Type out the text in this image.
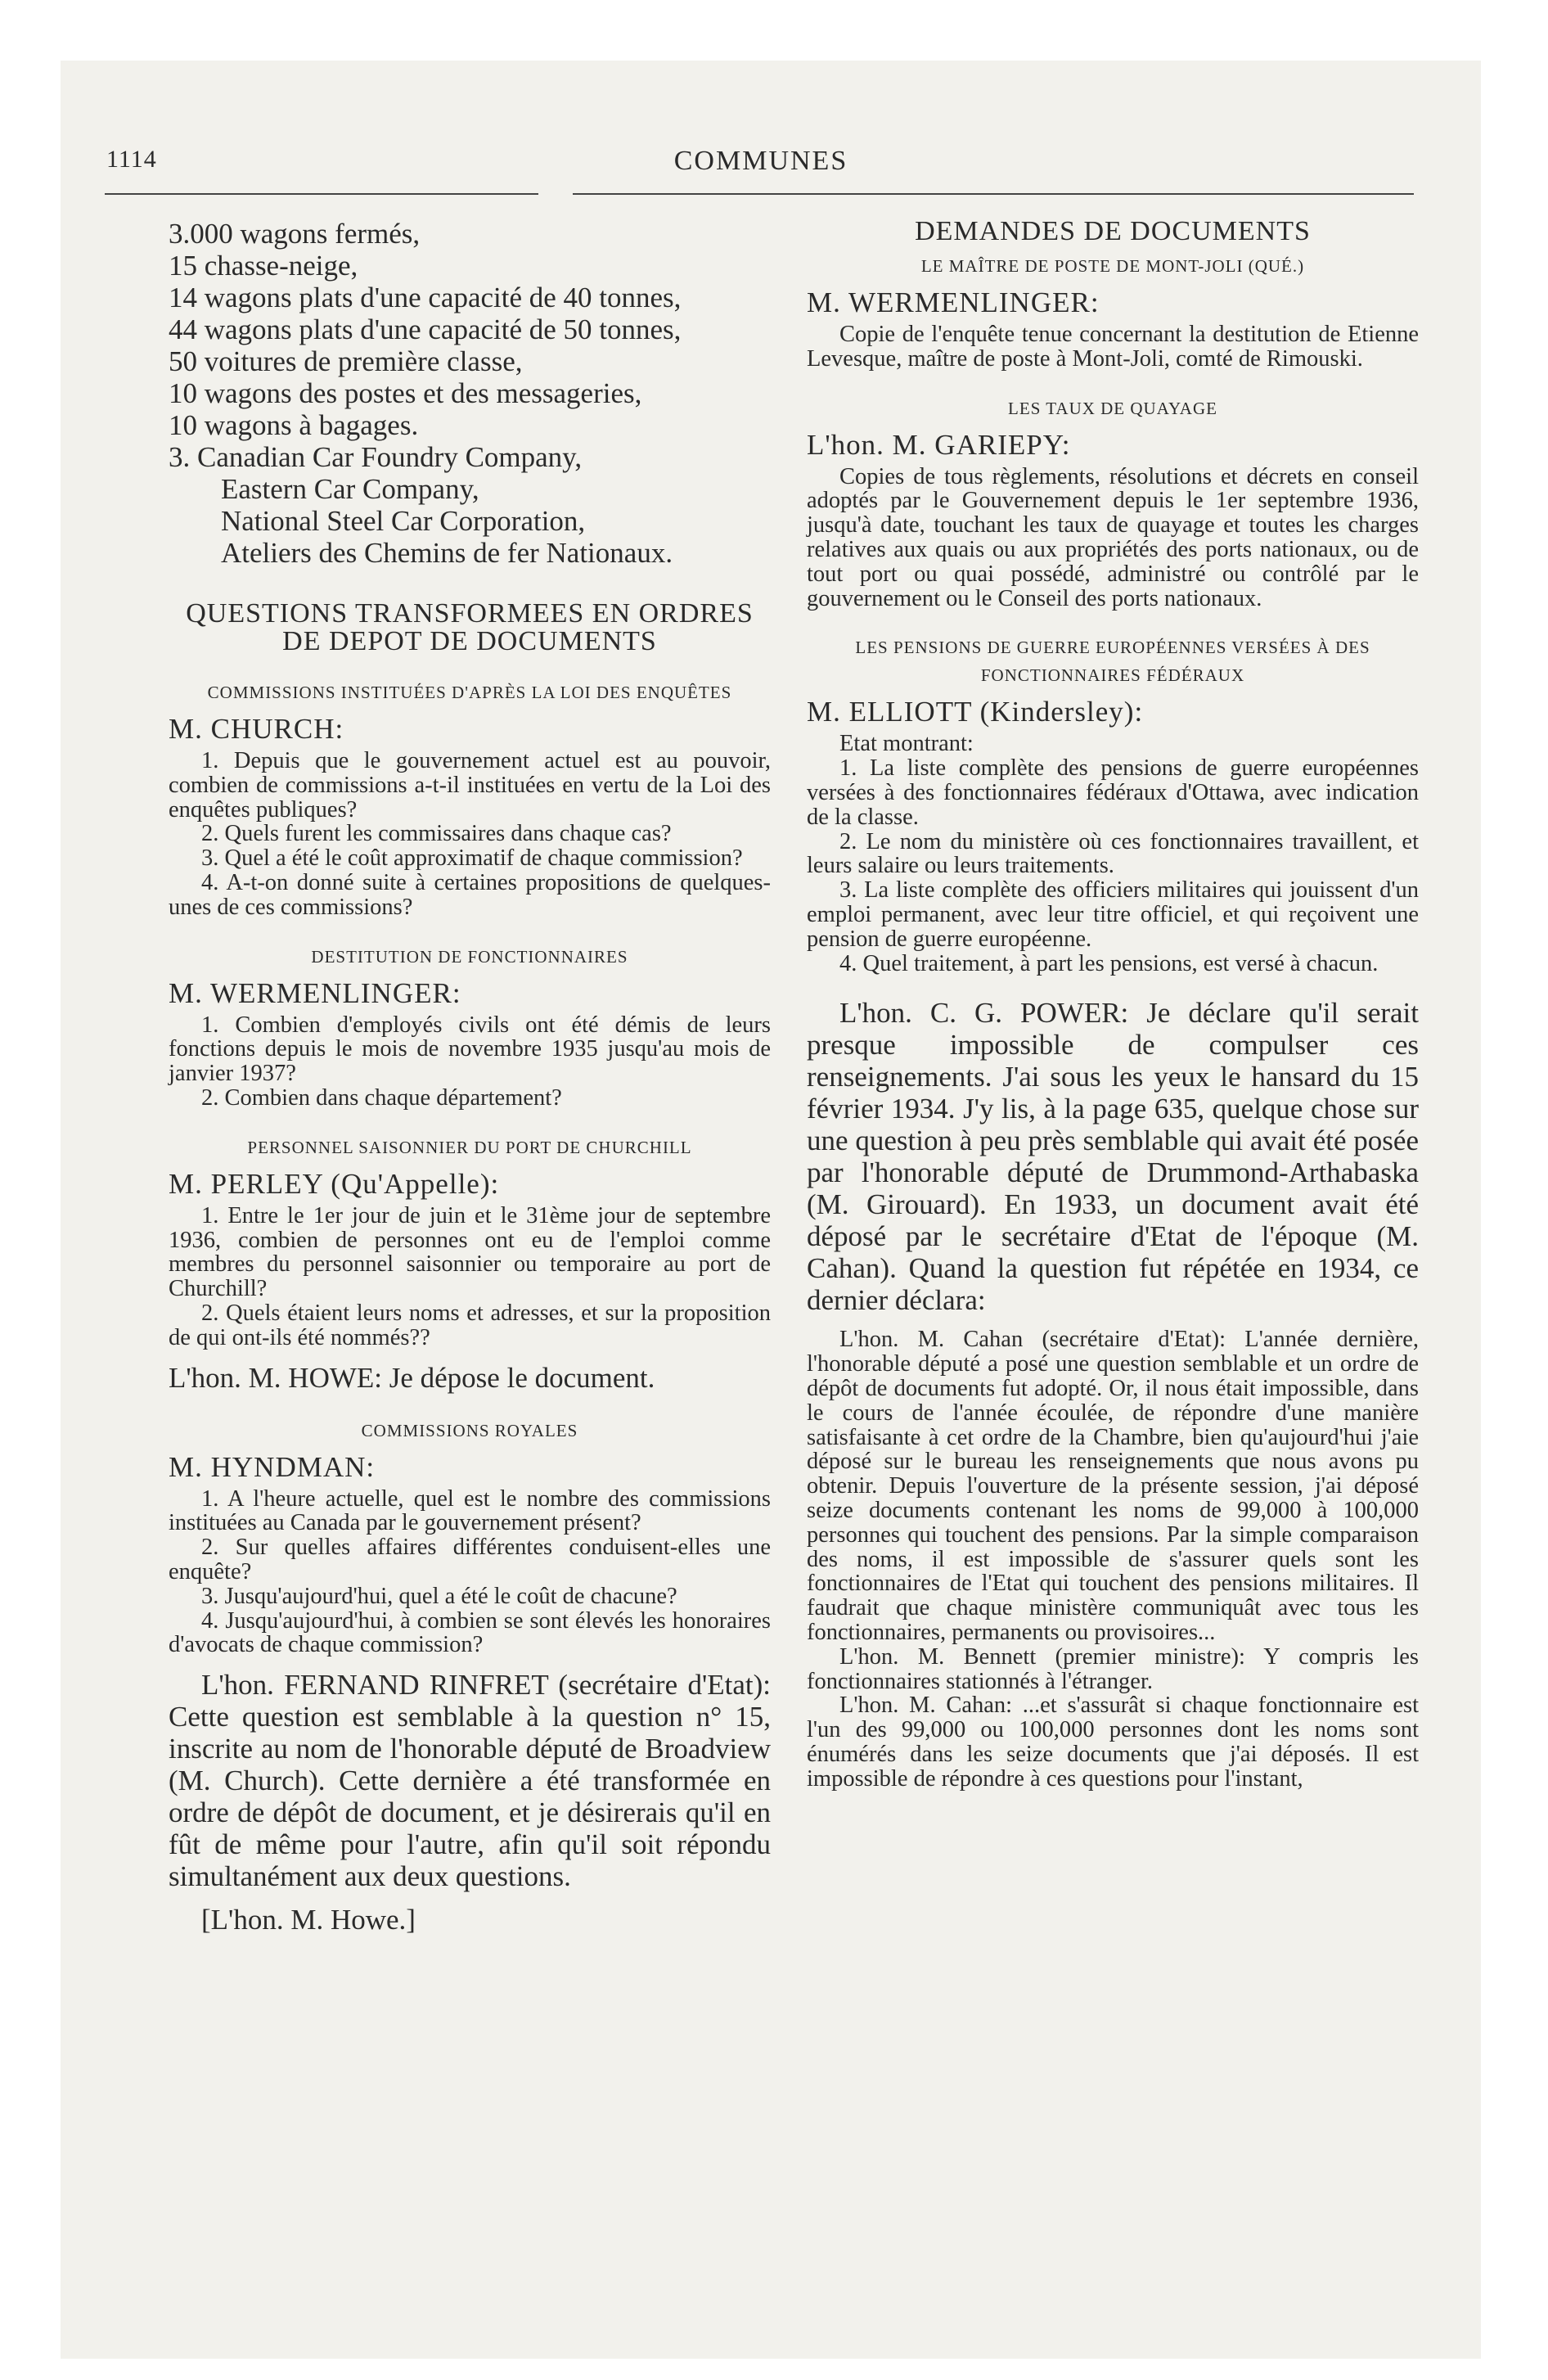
1114	COMMUNES

3.000 wagons fermés,

15 chasse-neige,

14 wagons plats d'une capacité de 40 tonnes,

44 wagons plats d'une capacité de 50 tonnes,

50 voitures de première classe,

10 wagons des postes et des messageries,

10 wagons à bagages.

3. Canadian Car Foundry Company,

Eastern Car Company,

National Steel Car Corporation,

Ateliers des Chemins de fer Nationaux.

QUESTIONS TRANSFORMEES EN ORDRES DE DEPOT DE DOCUMENTS
COMMISSIONS INSTITUÉES D'APRÈS LA LOI DES ENQUÊTES
M. CHURCH:

1. Depuis que le gouvernement actuel est au pouvoir, combien de commissions a-t-il instituées en vertu de la Loi des enquêtes publiques?

2. Quels furent les commissaires dans chaque cas?

3. Quel a été le coût approximatif de chaque commission?

4. A-t-on donné suite à certaines propositions de quelques-unes de ces commissions?

DESTITUTION DE FONCTIONNAIRES
M. WERMENLINGER:

1. Combien d'employés civils ont été démis de leurs fonctions depuis le mois de novembre 1935 jusqu'au mois de janvier 1937?

2. Combien dans chaque département?

PERSONNEL SAISONNIER DU PORT DE CHURCHILL
M. PERLEY (Qu'Appelle):

1. Entre le 1er jour de juin et le 31ème jour de septembre 1936, combien de personnes ont eu de l'emploi comme membres du personnel saisonnier ou temporaire au port de Churchill?

2. Quels étaient leurs noms et adresses, et sur la proposition de qui ont-ils été nommés??

L'hon. M. HOWE: Je dépose le document.

COMMISSIONS ROYALES
M. HYNDMAN:

1. A l'heure actuelle, quel est le nombre des commissions instituées au Canada par le gouvernement présent?

2. Sur quelles affaires différentes conduisent-elles une enquête?

3. Jusqu'aujourd'hui, quel a été le coût de chacune?

4. Jusqu'aujourd'hui, à combien se sont élevés les honoraires d'avocats de chaque commission?

L'hon. FERNAND RINFRET (secrétaire d'Etat): Cette question est semblable à la question n° 15, inscrite au nom de l'honorable député de Broadview (M. Church). Cette dernière a été transformée en ordre de dépôt de document, et je désirerais qu'il en fût de même pour l'autre, afin qu'il soit répondu simultanément aux deux questions.

[L'hon. M. Howe.]

DEMANDES DE DOCUMENTS
LE MAÎTRE DE POSTE DE MONT-JOLI (QUÉ.)
M. WERMENLINGER:

Copie de l'enquête tenue concernant la destitution de Etienne Levesque, maître de poste à Mont-Joli, comté de Rimouski.

LES TAUX DE QUAYAGE
L'hon. M. GARIEPY:

Copies de tous règlements, résolutions et décrets en conseil adoptés par le Gouvernement depuis le 1er septembre 1936, jusqu'à date, touchant les taux de quayage et toutes les charges relatives aux quais ou aux propriétés des ports nationaux, ou de tout port ou quai possédé, administré ou contrôlé par le gouvernement ou le Conseil des ports nationaux.

LES PENSIONS DE GUERRE EUROPÉENNES VERSÉES À DES FONCTIONNAIRES FÉDÉRAUX
M. ELLIOTT (Kindersley):

Etat montrant:

1. La liste complète des pensions de guerre européennes versées à des fonctionnaires fédéraux d'Ottawa, avec indication de la classe.

2. Le nom du ministère où ces fonctionnaires travaillent, et leurs salaire ou leurs traitements.

3. La liste complète des officiers militaires qui jouissent d'un emploi permanent, avec leur titre officiel, et qui reçoivent une pension de guerre européenne.

4. Quel traitement, à part les pensions, est versé à chacun.

L'hon. C. G. POWER: Je déclare qu'il serait presque impossible de compulser ces renseignements. J'ai sous les yeux le hansard du 15 février 1934. J'y lis, à la page 635, quelque chose sur une question à peu près semblable qui avait été posée par l'honorable député de Drummond-Arthabaska (M. Girouard). En 1933, un document avait été déposé par le secrétaire d'Etat de l'époque (M. Cahan). Quand la question fut répétée en 1934, ce dernier déclara:

L'hon. M. Cahan (secrétaire d'Etat): L'année dernière, l'honorable député a posé une question semblable et un ordre de dépôt de documents fut adopté. Or, il nous était impossible, dans le cours de l'année écoulée, de répondre d'une manière satisfaisante à cet ordre de la Chambre, bien qu'aujourd'hui j'aie déposé sur le bureau les renseignements que nous avons pu obtenir. Depuis l'ouverture de la présente session, j'ai déposé seize documents contenant les noms de 99,000 à 100,000 personnes qui touchent des pensions. Par la simple comparaison des noms, il est impossible de s'assurer quels sont les fonctionnaires de l'Etat qui touchent des pensions militaires. Il faudrait que chaque ministère communiquât avec tous les fonctionnaires, permanents ou provisoires...

L'hon. M. Bennett (premier ministre): Y compris les fonctionnaires stationnés à l'étranger.

L'hon. M. Cahan: ...et s'assurât si chaque fonctionnaire est l'un des 99,000 ou 100,000 personnes dont les noms sont énumérés dans les seize documents que j'ai déposés. Il est impossible de répondre à ces questions pour l'instant,
